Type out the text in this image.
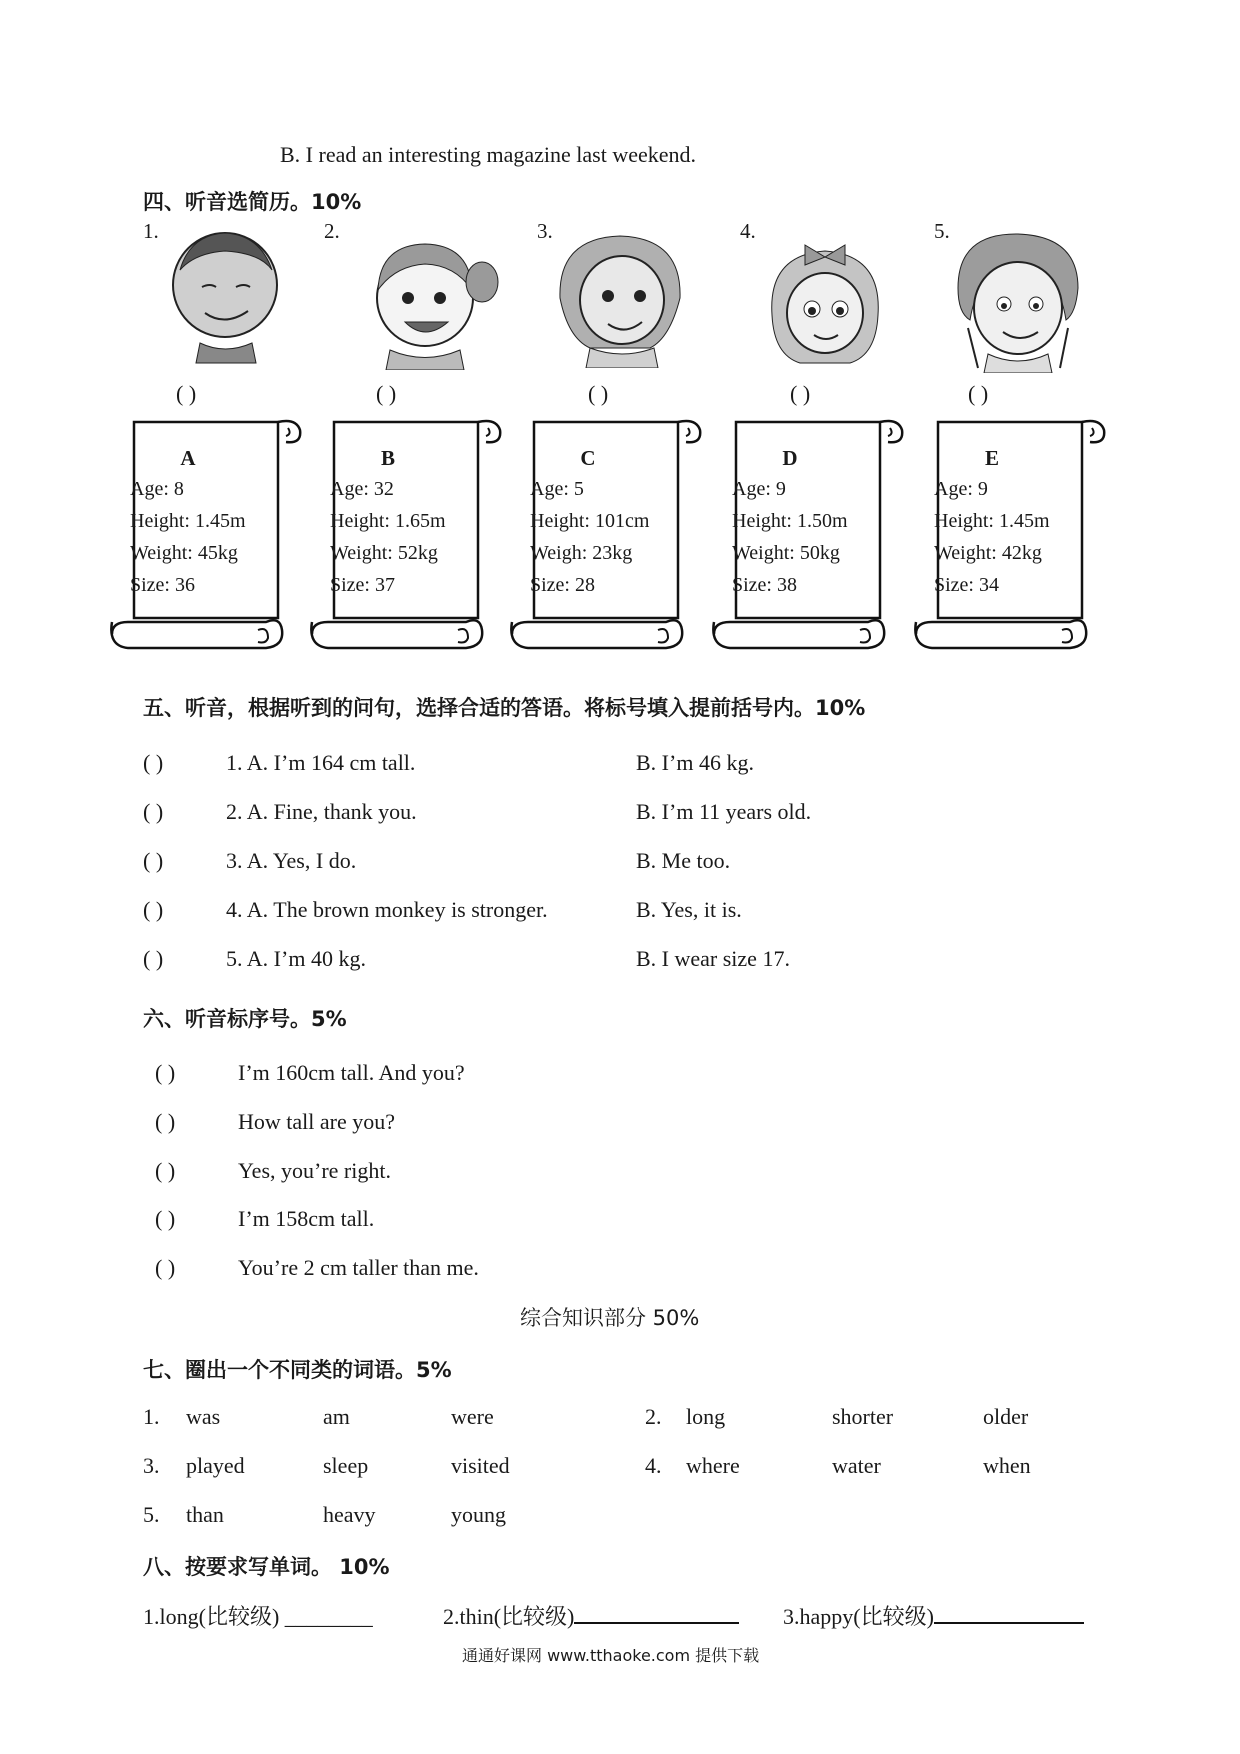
B. I read an interesting magazine last weekend.
四、听音选简历。10%
1.	2.	3.	4.	5.
( )	( )	( )	( )	( )
A
Age: 8
Height: 1.45m
Weight: 45kg
Size: 36
B
Age: 32
Height: 1.65m
Weight: 52kg
Size: 37
C
Age: 5
Height: 101cm
Weigh: 23kg
Size: 28
D
Age: 9
Height: 1.50m
Weight: 50kg
Size: 38
E
Age: 9
Height: 1.45m
Weight: 42kg
Size: 34
五、听音，根据听到的问句，选择合适的答语。将标号填入提前括号内。10%
( )	1. A. I’m 164 cm tall.	B. I’m 46 kg.
( )	2. A. Fine, thank you.	B. I’m 11 years old.
( )	3. A. Yes, I do.	B. Me too.
( )	4. A. The brown monkey is stronger.	B. Yes, it is.
( )	5. A. I’m 40 kg.	B. I wear size 17.
六、听音标序号。5%
( )	I’m 160cm tall. And you?
( )	How tall are you?
( )	Yes, you’re right.
( )	I’m 158cm tall.
( )	You’re 2 cm taller than me.
综合知识部分 50%
七、圈出一个不同类的词语。5%
1. was	am	were	2. long	shorter	older
3. played	sleep	visited	4. where	water	when
5. than	heavy	young
八、按要求写单词。 10%
1.long(比较级) ________	2.thin(比较级)	3.happy(比较级)
通通好课网 www.tthaoke.com 提供下载
